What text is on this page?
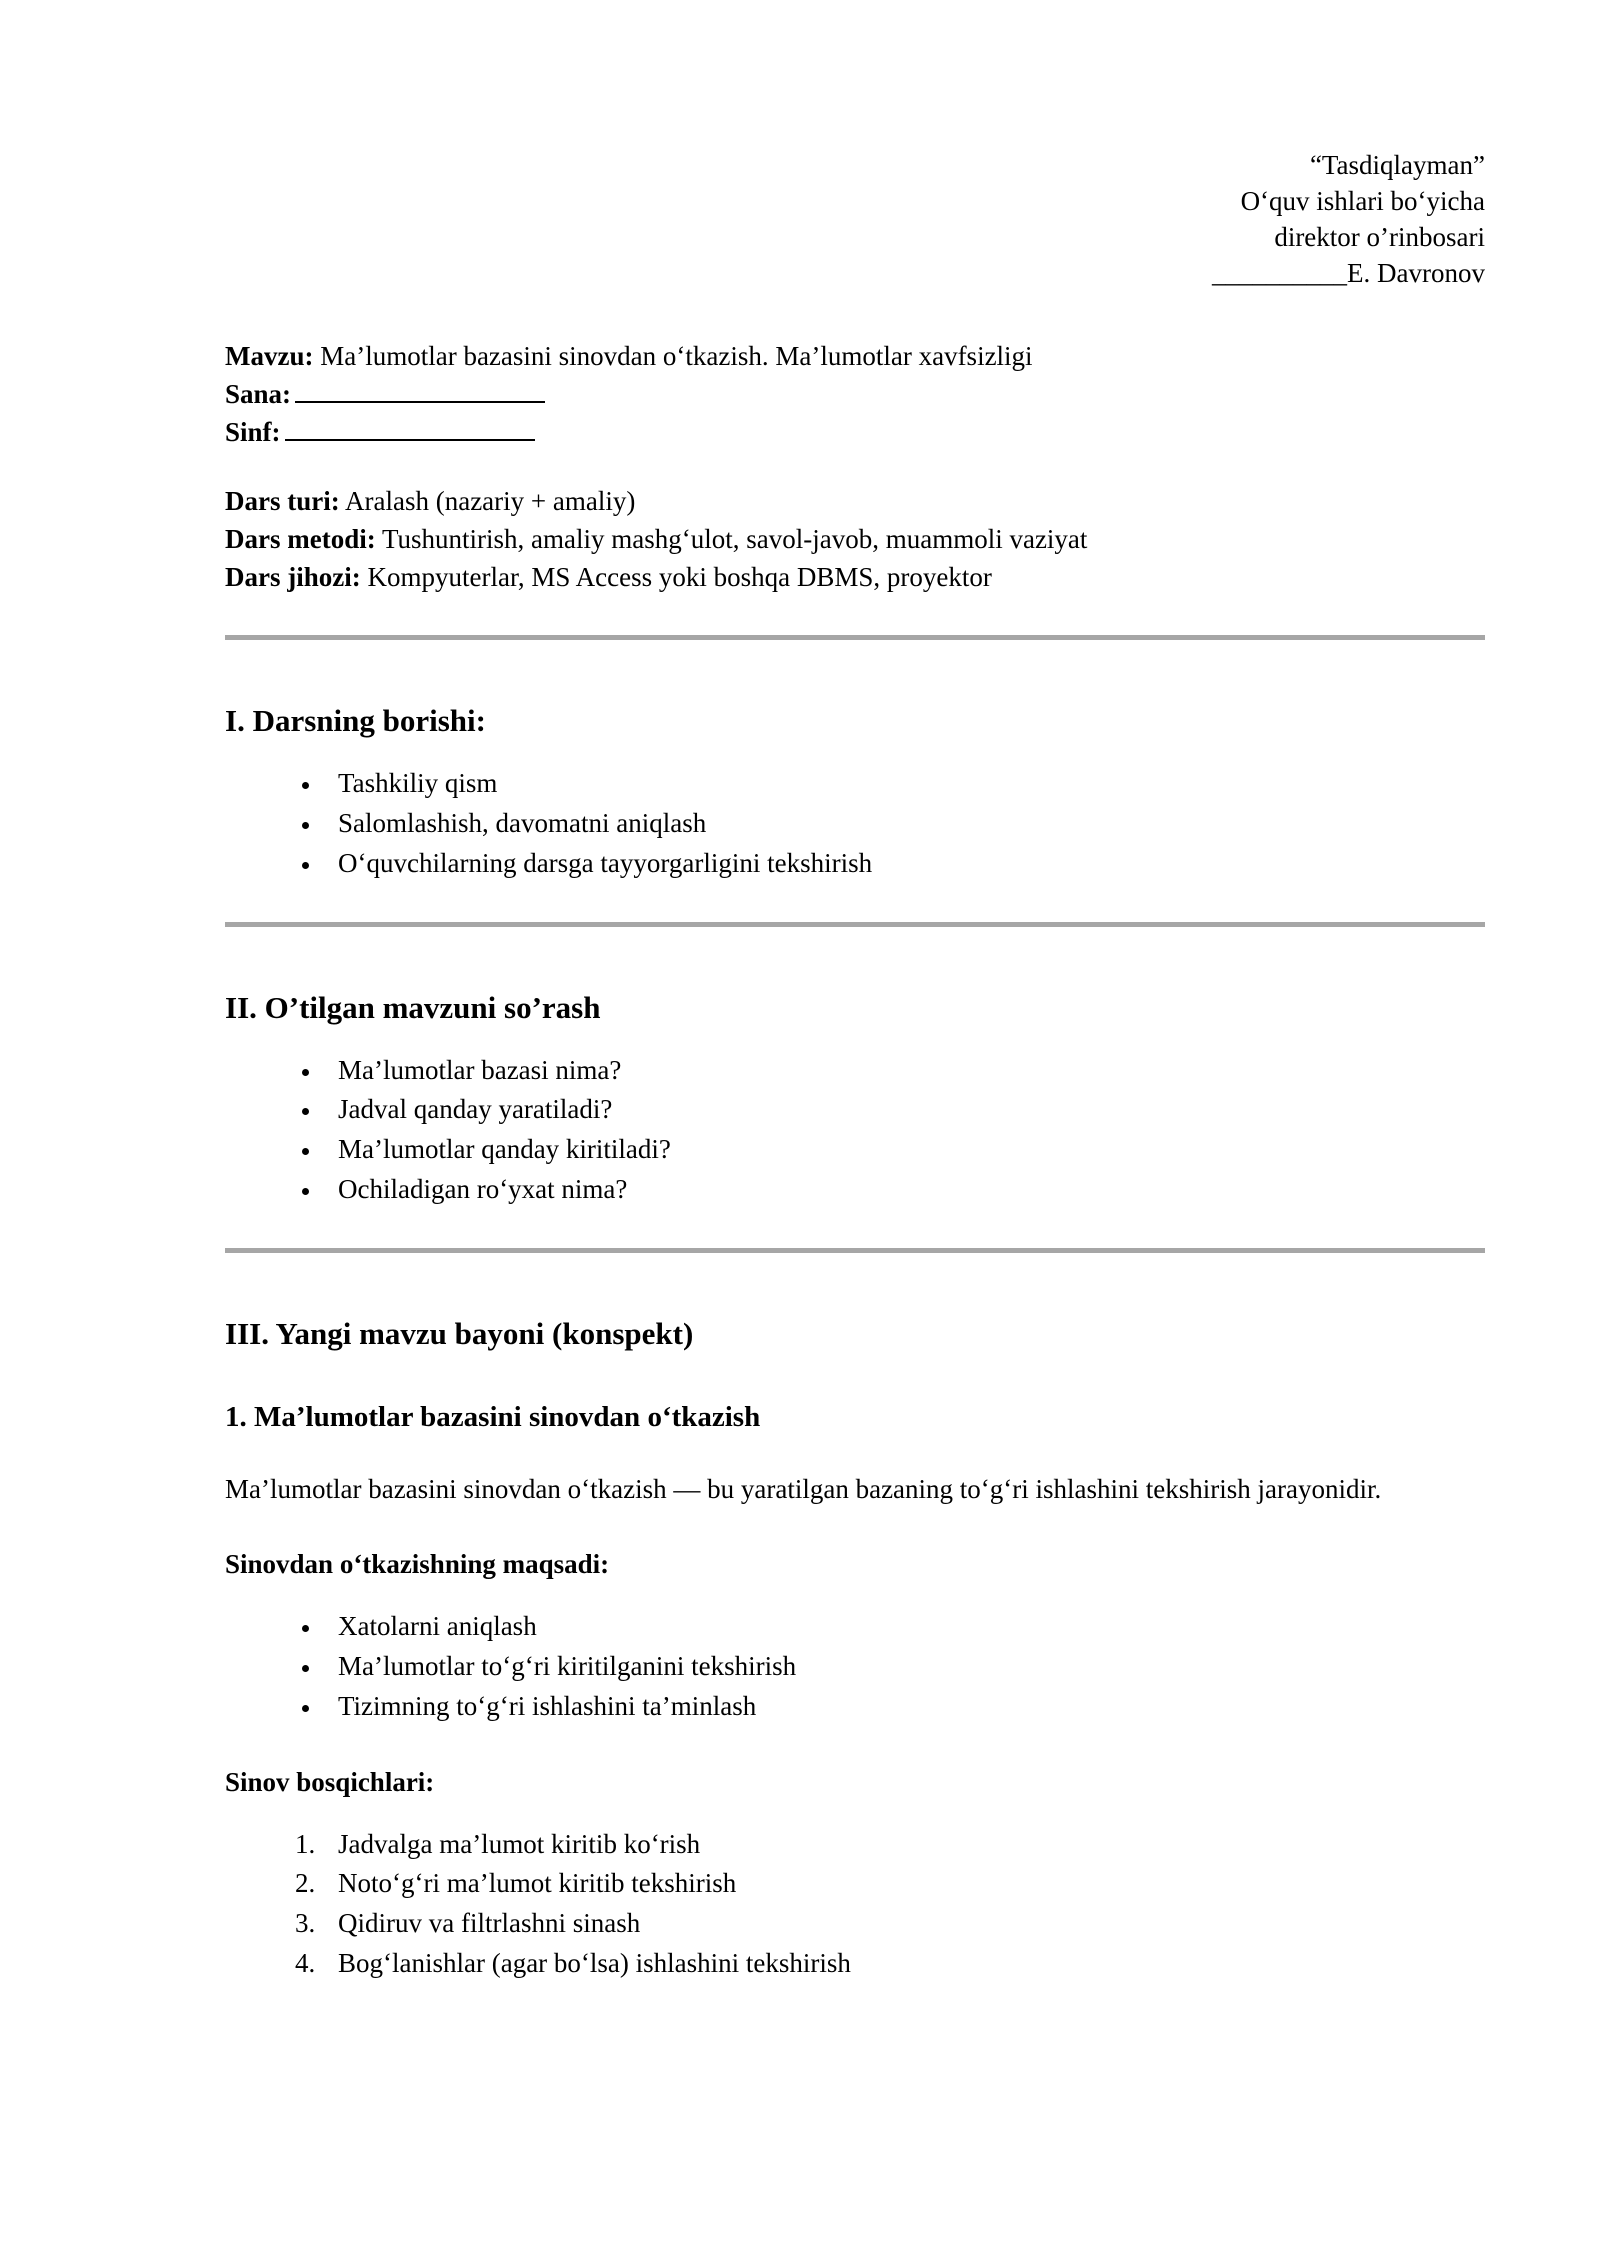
“Tasdiqlayman”
O‘quv ishlari bo‘yicha
direktor o’rinbosari
__________E. Davronov

Mavzu: Ma’lumotlar bazasini sinovdan o‘tkazish. Ma’lumotlar xavfsizligi

Sana:

Sinf:

Dars turi: Aralash (nazariy + amaliy)

Dars metodi: Tushuntirish, amaliy mashg‘ulot, savol-javob, muammoli vaziyat

Dars jihozi: Kompyuterlar, MS Access yoki boshqa DBMS, proyektor

I. Darsning borishi:
• Tashkiliy qism
• Salomlashish, davomatni aniqlash
• O‘quvchilarning darsga tayyorgarligini tekshirish
II. O’tilgan mavzuni so’rash
• Ma’lumotlar bazasi nima?
• Jadval qanday yaratiladi?
• Ma’lumotlar qanday kiritiladi?
• Ochiladigan ro‘yxat nima?
III. Yangi mavzu bayoni (konspekt)
1. Ma’lumotlar bazasini sinovdan o‘tkazish

Ma’lumotlar bazasini sinovdan o‘tkazish — bu yaratilgan bazaning to‘g‘ri ishlashini tekshirish jarayonidir.

Sinovdan o‘tkazishning maqsadi:

• Xatolarni aniqlash
• Ma’lumotlar to‘g‘ri kiritilganini tekshirish
• Tizimning to‘g‘ri ishlashini ta’minlash

Sinov bosqichlari:

1. Jadvalga ma’lumot kiritib ko‘rish
2. Noto‘g‘ri ma’lumot kiritib tekshirish
3. Qidiruv va filtrlashni sinash
4. Bog‘lanishlar (agar bo‘lsa) ishlashini tekshirish
